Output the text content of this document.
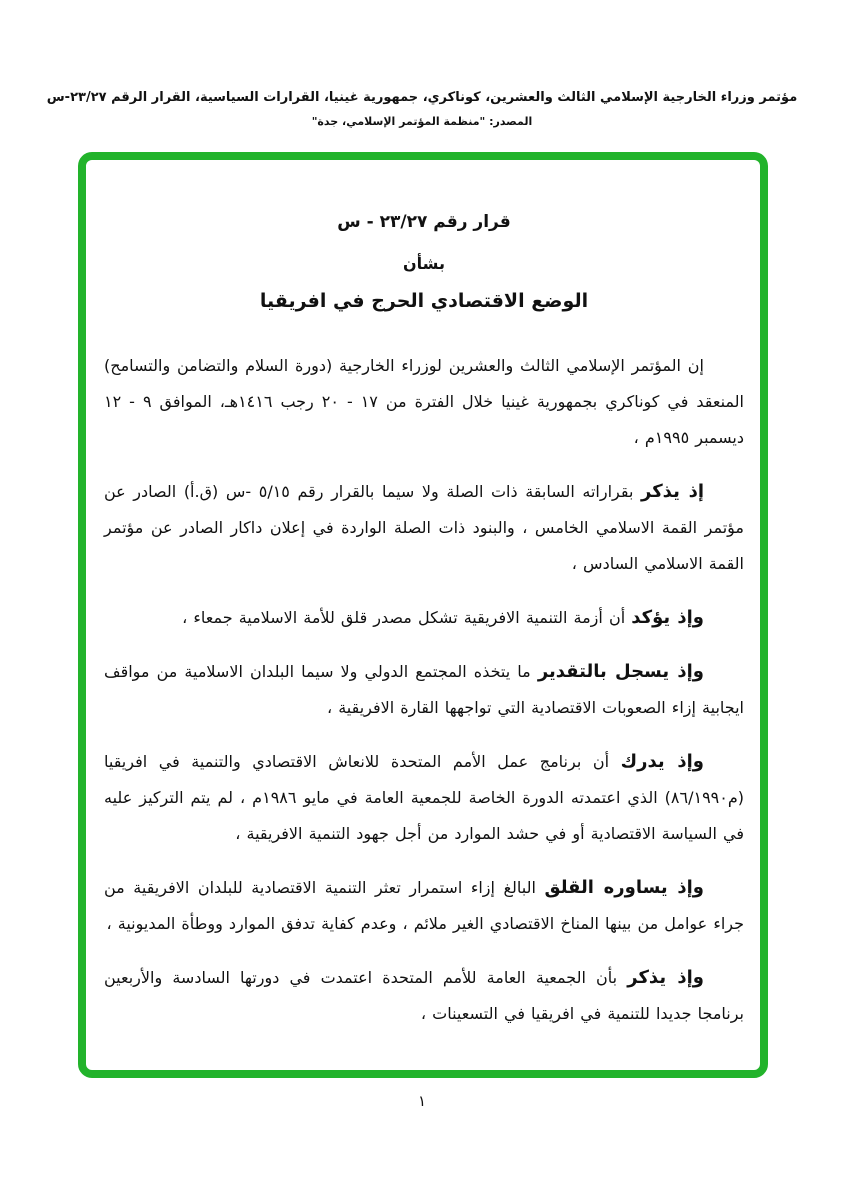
مؤتمر وزراء الخارجية الإسلامي الثالث والعشرين، كوناكري، جمهورية غينيا، القرارات السياسية، القرار الرقم ٢٣/٢٧-س
المصدر: "منظمة المؤتمر الإسلامي، جدة"
قرار رقم ٢٣/٢٧ - س
بشأن
الوضع الاقتصادي الحرج في افريقيا

إن المؤتمر الإسلامي الثالث والعشرين لوزراء الخارجية (دورة السلام والتضامن والتسامح) المنعقد في كوناكري بجمهورية غينيا خلال الفترة من ١٧ - ٢٠ رجب ١٤١٦هـ، الموافق ٩ - ١٢ ديسمبر ١٩٩٥م ،

إذ يذكر بقراراته السابقة ذات الصلة ولا سيما بالقرار رقم ٥/١٥ -س (ق.أ) الصادر عن مؤتمر القمة الاسلامي الخامس ، والبنود ذات الصلة الواردة في إعلان داكار الصادر عن مؤتمر القمة الاسلامي السادس ،

وإذ يؤكد أن أزمة التنمية الافريقية تشكل مصدر قلق للأمة الاسلامية جمعاء ،

وإذ يسجل بالتقدير ما يتخذه المجتمع الدولي ولا سيما البلدان الاسلامية من مواقف ايجابية إزاء الصعوبات الاقتصادية التي تواجهها القارة الافريقية ،

وإذ يدرك أن برنامج عمل الأمم المتحدة للانعاش الاقتصادي والتنمية في افريقيا ‭(٨٦/١٩٩٠م)‬ الذي اعتمدته الدورة الخاصة للجمعية العامة في مايو ١٩٨٦م ، لم يتم التركيز عليه في السياسة الاقتصادية أو في حشد الموارد من أجل جهود التنمية الافريقية ،

وإذ يساوره القلق البالغ إزاء استمرار تعثر التنمية الاقتصادية للبلدان الافريقية من جراء عوامل من بينها المناخ الاقتصادي الغير ملائم ، وعدم كفاية تدفق الموارد ووطأة المديونية ،

وإذ يذكر بأن الجمعية العامة للأمم المتحدة اعتمدت في دورتها السادسة والأربعين برنامجا جديدا للتنمية في افريقيا في التسعينات ،

١
